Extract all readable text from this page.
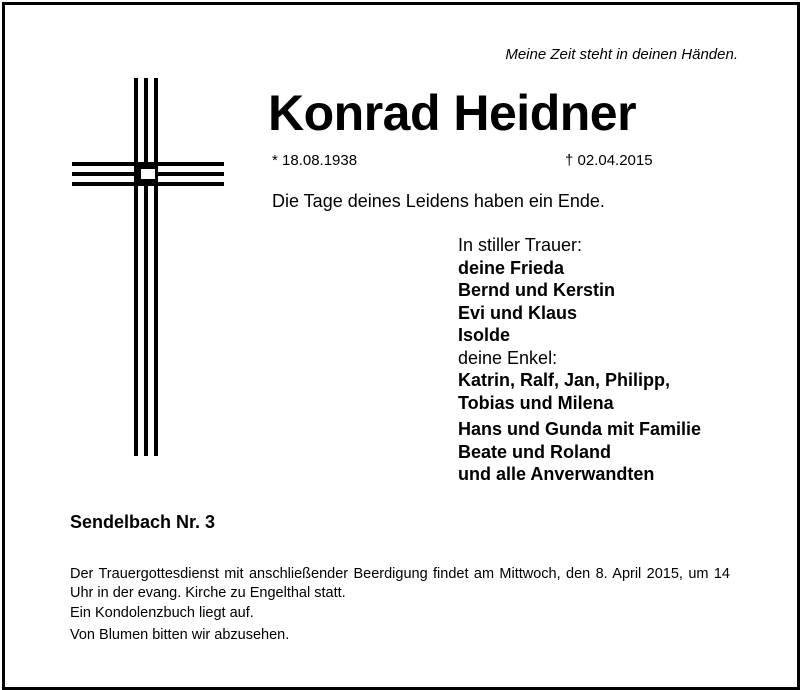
Meine Zeit steht in deinen Händen.
Konrad Heidner
* 18.08.1938	† 02.04.2015
Die Tage deines Leidens haben ein Ende.
In stiller Trauer:
deine Frieda
Bernd und Kerstin
Evi und Klaus
Isolde
deine Enkel:
Katrin, Ralf, Jan, Philipp,
Tobias und Milena
Hans und Gunda mit Familie
Beate und Roland
und alle Anverwandten
Sendelbach Nr. 3
Der Trauergottesdienst mit anschließender Beerdigung findet am Mittwoch, den 8. April 2015, um 14 Uhr in der evang. Kirche zu Engelthal statt.
Ein Kondolenzbuch liegt auf.
Von Blumen bitten wir abzusehen.
